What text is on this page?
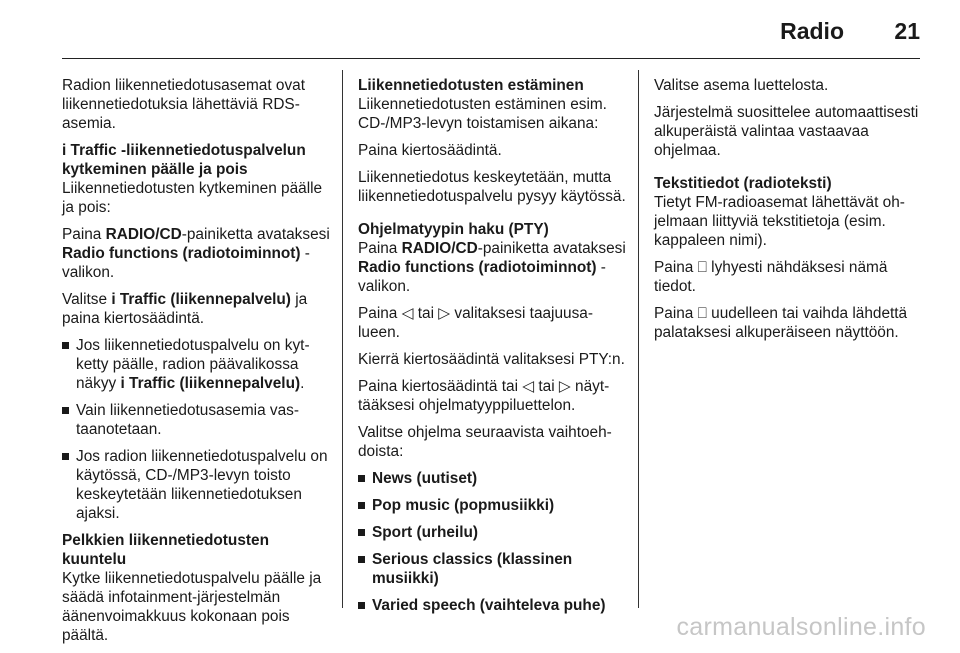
Radio 21

Radion liikennetiedotusasemat ovat liikennetiedotuksia lähettäviä RDS-asemia.

i Traffic -liikennetiedotuspalvelun kytkeminen päälle ja pois

Liikennetiedotusten kytkeminen päälle ja pois:

Paina RADIO/CD-painiketta avataksesi Radio functions (radiotoiminnot) -valikon.

Valitse i Traffic (liikennepalvelu) ja paina kiertosäädintä.

Jos liikennetiedotuspalvelu on kytketty päälle, radion päävalikossa näkyy i Traffic (liikennepalvelu).
Vain liikennetiedotusasemia vastaanotetaan.
Jos radion liikennetiedotuspalvelu on käytössä, CD-/MP3-levyn toisto keskeytetään liikennetiedotuksen ajaksi.

Pelkkien liikennetiedotusten kuuntelu

Kytke liikennetiedotuspalvelu päälle ja säädä infotainment-järjestelmän äänenvoimakkuus kokonaan pois päältä.

Liikennetiedotusten estäminen

Liikennetiedotusten estäminen esim. CD-/MP3-levyn toistamisen aikana:

Paina kiertosäädintä.

Liikennetiedotus keskeytetään, mutta liikennetiedotuspalvelu pysyy käytössä.

Ohjelmatyypin haku (PTY)

Paina RADIO/CD-painiketta avataksesi Radio functions (radiotoiminnot) -valikon.

Paina ◁ tai ▷ valitaksesi taajuusalueen.

Kierrä kiertosäädintä valitaksesi PTY:n.

Paina kiertosäädintä tai ◁ tai ▷ näyttääksesi ohjelmatyyppiluettelon.

Valitse ohjelma seuraavista vaihtoehdoista:

News (uutiset)
Pop music (popmusiikki)
Sport (urheilu)
Serious classics (klassinen musiikki)
Varied speech (vaihteleva puhe)

Valitse asema luettelosta.

Järjestelmä suosittelee automaattisesti alkuperäistä valintaa vastaavaa ohjelmaa.

Tekstitiedot (radioteksti)

Tietyt FM-radioasemat lähettävät ohjelmaan liittyviä tekstitietoja (esim. kappaleen nimi).

Paina ⎕ lyhyesti nähdäksesi nämä tiedot.

Paina ⎕ uudelleen tai vaihda lähdettä palataksesi alkuperäiseen näyttöön.

carmanualsonline.info
